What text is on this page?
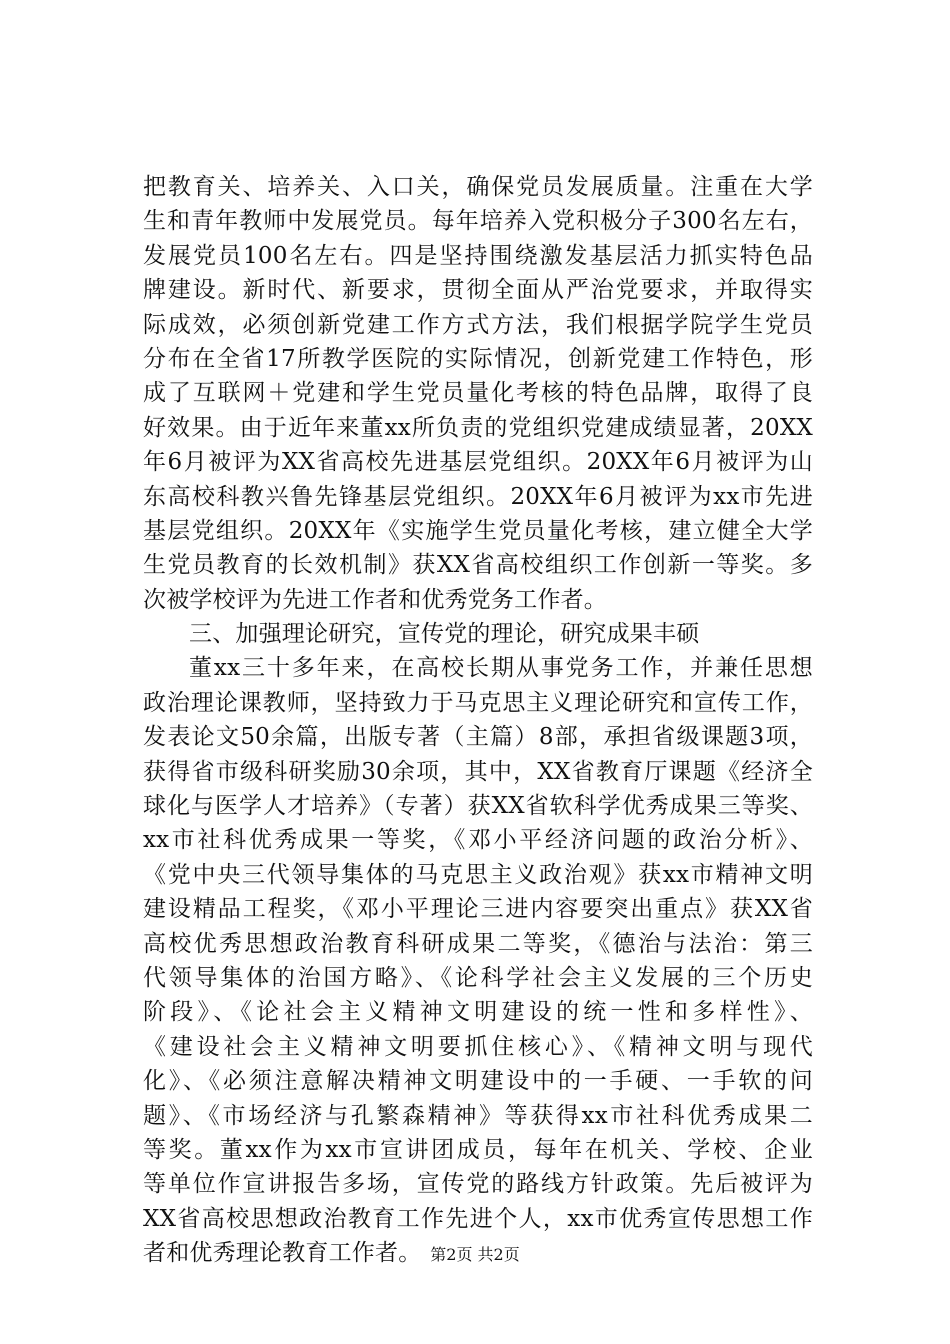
把教育关、培养关、入口关，确保党员发展质量。注重在大学
生和青年教师中发展党员。每年培养入党积极分子300名左右，
发展党员100名左右。四是坚持围绕激发基层活力抓实特色品
牌建设。新时代、新要求，贯彻全面从严治党要求，并取得实
际成效，必须创新党建工作方式方法，我们根据学院学生党员
分布在全省17所教学医院的实际情况，创新党建工作特色，形
成了互联网＋党建和学生党员量化考核的特色品牌，取得了良
好效果。由于近年来董xx所负责的党组织党建成绩显著，20XX
年6月被评为XX省高校先进基层党组织。20XX年6月被评为山
东高校科教兴鲁先锋基层党组织。20XX年6月被评为xx市先进
基层党组织。20XX年《实施学生党员量化考核，建立健全大学
生党员教育的长效机制》获XX省高校组织工作创新一等奖。多
次被学校评为先进工作者和优秀党务工作者。
三、加强理论研究，宣传党的理论，研究成果丰硕
董xx三十多年来，在高校长期从事党务工作，并兼任思想
政治理论课教师，坚持致力于马克思主义理论研究和宣传工作，
发表论文50余篇，出版专著（主篇）8部，承担省级课题3项，
获得省市级科研奖励30余项，其中，XX省教育厅课题《经济全
球化与医学人才培养》（专著）获XX省软科学优秀成果三等奖、
xx市社科优秀成果一等奖，《邓小平经济问题的政治分析》、
《党中央三代领导集体的马克思主义政治观》获xx市精神文明
建设精品工程奖，《邓小平理论三进内容要突出重点》获XX省
高校优秀思想政治教育科研成果二等奖，《德治与法治：第三
代领导集体的治国方略》、《论科学社会主义发展的三个历史
阶段》、《论社会主义精神文明建设的统一性和多样性》、
《建设社会主义精神文明要抓住核心》、《精神文明与现代
化》、《必须注意解决精神文明建设中的一手硬、一手软的问
题》、《市场经济与孔繁森精神》等获得xx市社科优秀成果二
等奖。董xx作为xx市宣讲团成员，每年在机关、学校、企业
等单位作宣讲报告多场，宣传党的路线方针政策。先后被评为
XX省高校思想政治教育工作先进个人，xx市优秀宣传思想工作
者和优秀理论教育工作者。 第2页 共2页
